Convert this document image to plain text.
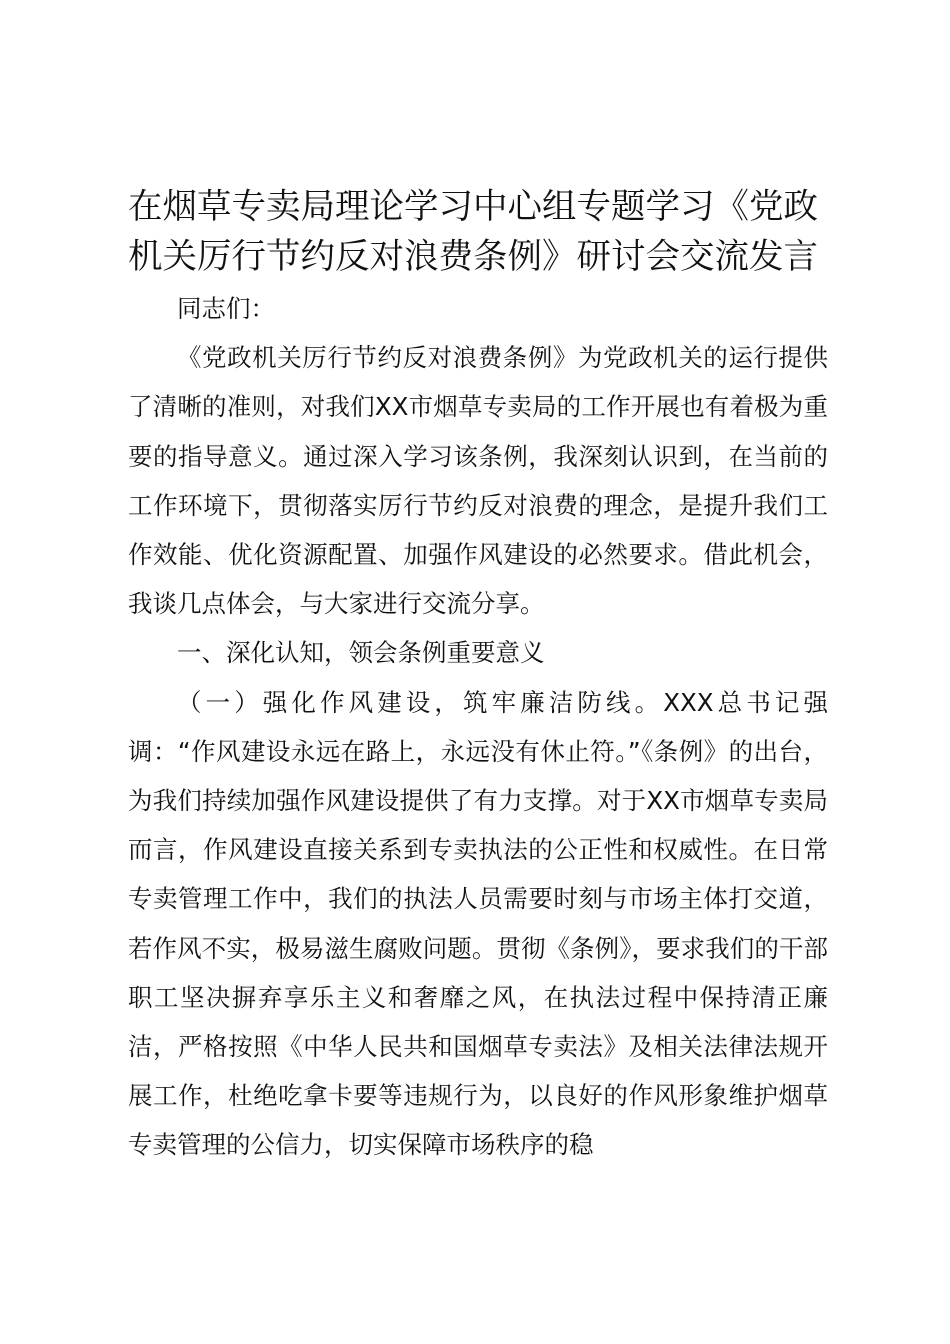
在烟草专卖局理论学习中心组专题学习《党政
机关厉行节约反对浪费条例》研讨会交流发言

同志们：

《党政机关厉行节约反对浪费条例》为党政机关的运行提供了清晰的准则，对我们XX市烟草专卖局的工作开展也有着极为重要的指导意义。通过深入学习该条例，我深刻认识到，在当前的工作环境下，贯彻落实厉行节约反对浪费的理念，是提升我们工作效能、优化资源配置、加强作风建设的必然要求。借此机会，我谈几点体会，与大家进行交流分享。

一、深化认知，领会条例重要意义

（一）强化作风建设，筑牢廉洁防线。XXX总书记强调：“作风建设永远在路上，永远没有休止符。”《条例》的出台，为我们持续加强作风建设提供了有力支撑。对于XX市烟草专卖局而言，作风建设直接关系到专卖执法的公正性和权威性。在日常专卖管理工作中，我们的执法人员需要时刻与市场主体打交道，若作风不实，极易滋生腐败问题。贯彻《条例》，要求我们的干部职工坚决摒弃享乐主义和奢靡之风，在执法过程中保持清正廉洁，严格按照《中华人民共和国烟草专卖法》及相关法律法规开展工作，杜绝吃拿卡要等违规行为，以良好的作风形象维护烟草专卖管理的公信力，切实保障市场秩序的稳
